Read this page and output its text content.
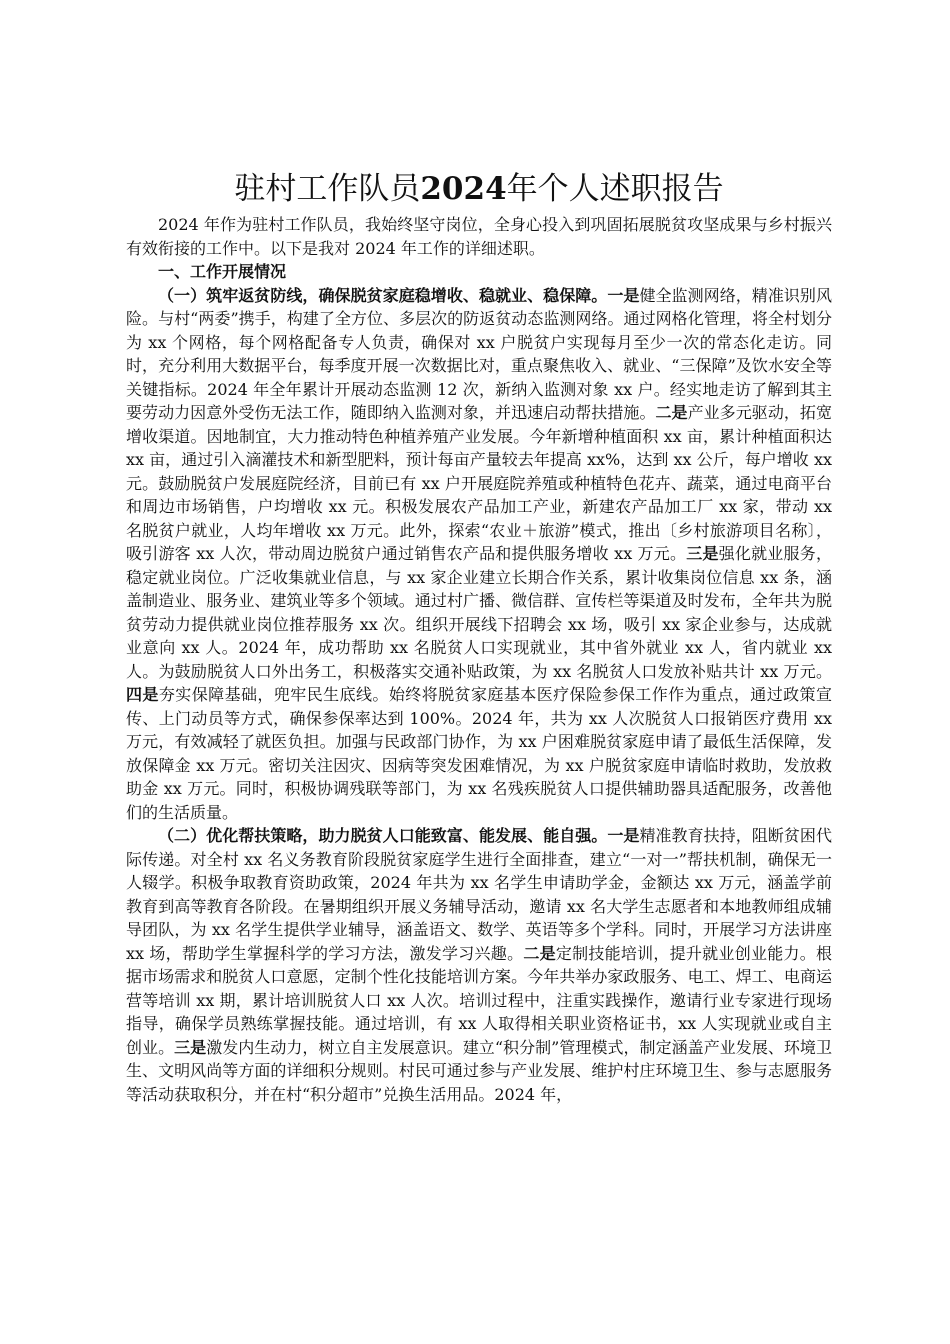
驻村工作队员2024年个人述职报告

2024 年作为驻村工作队员，我始终坚守岗位，全身心投入到巩固拓展脱贫攻坚成果与乡村振兴有效衔接的工作中。以下是我对 2024 年工作的详细述职。

一、工作开展情况

（一）筑牢返贫防线，确保脱贫家庭稳增收、稳就业、稳保障。一是健全监测网络，精准识别风险。与村“两委”携手，构建了全方位、多层次的防返贫动态监测网络。通过网格化管理，将全村划分为 xx 个网格，每个网格配备专人负责，确保对 xx 户脱贫户实现每月至少一次的常态化走访。同时，充分利用大数据平台，每季度开展一次数据比对，重点聚焦收入、就业、“三保障”及饮水安全等关键指标。2024 年全年累计开展动态监测 12 次，新纳入监测对象 xx 户。经实地走访了解到其主要劳动力因意外受伤无法工作，随即纳入监测对象，并迅速启动帮扶措施。二是产业多元驱动，拓宽增收渠道。因地制宜，大力推动特色种植养殖产业发展。今年新增种植面积 xx 亩，累计种植面积达 xx 亩，通过引入滴灌技术和新型肥料，预计每亩产量较去年提高 xx%，达到 xx 公斤，每户增收 xx 元。鼓励脱贫户发展庭院经济，目前已有 xx 户开展庭院养殖或种植特色花卉、蔬菜，通过电商平台和周边市场销售，户均增收 xx 元。积极发展农产品加工产业，新建农产品加工厂 xx 家，带动 xx 名脱贫户就业，人均年增收 xx 万元。此外，探索“农业＋旅游”模式，推出〔乡村旅游项目名称〕，吸引游客 xx 人次，带动周边脱贫户通过销售农产品和提供服务增收 xx 万元。三是强化就业服务，稳定就业岗位。广泛收集就业信息，与 xx 家企业建立长期合作关系，累计收集岗位信息 xx 条，涵盖制造业、服务业、建筑业等多个领域。通过村广播、微信群、宣传栏等渠道及时发布，全年共为脱贫劳动力提供就业岗位推荐服务 xx 次。组织开展线下招聘会 xx 场，吸引 xx 家企业参与，达成就业意向 xx 人。2024 年，成功帮助 xx 名脱贫人口实现就业，其中省外就业 xx 人，省内就业 xx 人。为鼓励脱贫人口外出务工，积极落实交通补贴政策，为 xx 名脱贫人口发放补贴共计 xx 万元。四是夯实保障基础，兜牢民生底线。始终将脱贫家庭基本医疗保险参保工作作为重点，通过政策宣传、上门动员等方式，确保参保率达到 100%。2024 年，共为 xx 人次脱贫人口报销医疗费用 xx 万元，有效减轻了就医负担。加强与民政部门协作，为 xx 户困难脱贫家庭申请了最低生活保障，发放保障金 xx 万元。密切关注因灾、因病等突发困难情况，为 xx 户脱贫家庭申请临时救助，发放救助金 xx 万元。同时，积极协调残联等部门，为 xx 名残疾脱贫人口提供辅助器具适配服务，改善他们的生活质量。

（二）优化帮扶策略，助力脱贫人口能致富、能发展、能自强。一是精准教育扶持，阻断贫困代际传递。对全村 xx 名义务教育阶段脱贫家庭学生进行全面排查，建立“一对一”帮扶机制，确保无一人辍学。积极争取教育资助政策，2024 年共为 xx 名学生申请助学金，金额达 xx 万元，涵盖学前教育到高等教育各阶段。在暑期组织开展义务辅导活动，邀请 xx 名大学生志愿者和本地教师组成辅导团队，为 xx 名学生提供学业辅导，涵盖语文、数学、英语等多个学科。同时，开展学习方法讲座 xx 场，帮助学生掌握科学的学习方法，激发学习兴趣。二是定制技能培训，提升就业创业能力。根据市场需求和脱贫人口意愿，定制个性化技能培训方案。今年共举办家政服务、电工、焊工、电商运营等培训 xx 期，累计培训脱贫人口 xx 人次。培训过程中，注重实践操作，邀请行业专家进行现场指导，确保学员熟练掌握技能。通过培训，有 xx 人取得相关职业资格证书，xx 人实现就业或自主创业。三是激发内生动力，树立自主发展意识。建立“积分制”管理模式，制定涵盖产业发展、环境卫生、文明风尚等方面的详细积分规则。村民可通过参与产业发展、维护村庄环境卫生、参与志愿服务等活动获取积分，并在村“积分超市”兑换生活用品。2024 年，
